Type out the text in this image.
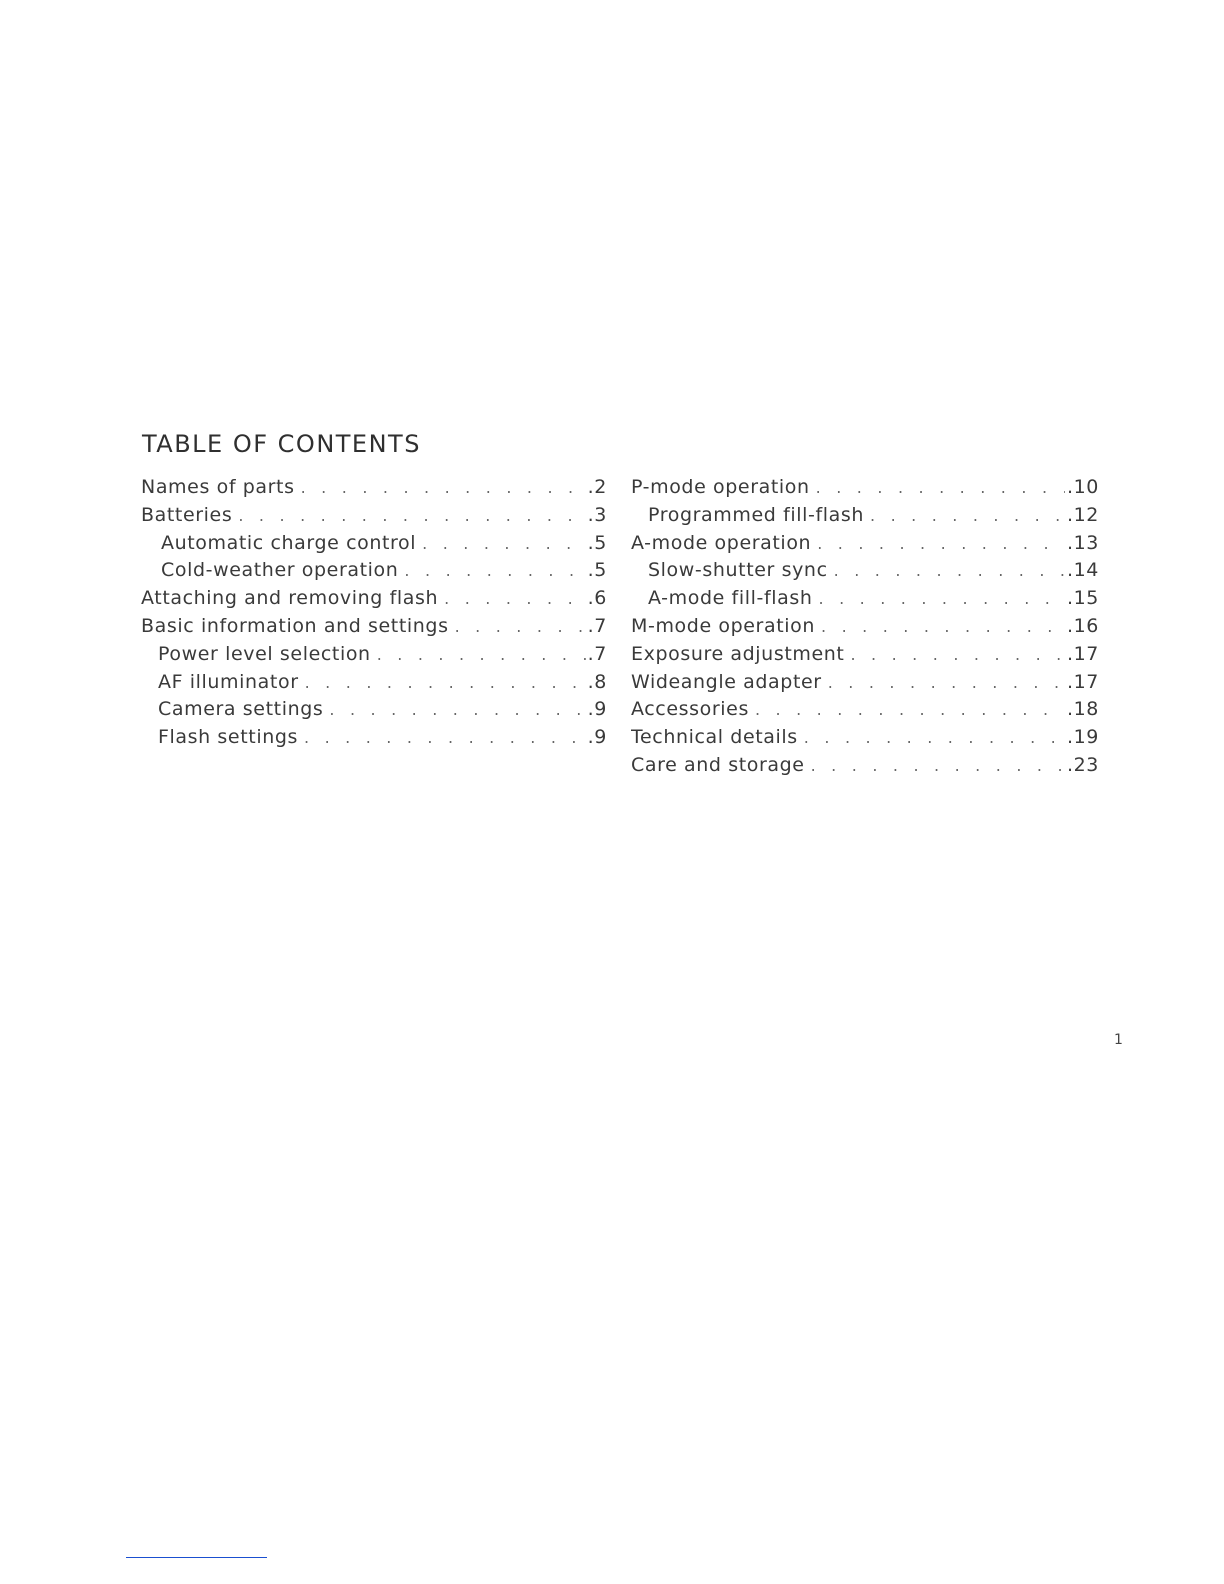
TABLE OF CONTENTS
Names of parts . . .	.2
Batteries . . .	.3
Automatic charge control . . .	.5
Cold-weather operation . . .	.5
Attaching and removing flash . . .	.6
Basic information and settings . . .	.7
Power level selection . . .	.7
AF illuminator . . .	.8
Camera settings . . .	.9
Flash settings . . .	.9
P-mode operation . . .	.10
Programmed fill-flash . . .	.12
A-mode operation . . .	.13
Slow-shutter sync . . .	.14
A-mode fill-flash . . .	.15
M-mode operation . . .	.16
Exposure adjustment . . .	.17
Wideangle adapter . . .	.17
Accessories . . .	.18
Technical details . . .	.19
Care and storage . . .	.23
1
